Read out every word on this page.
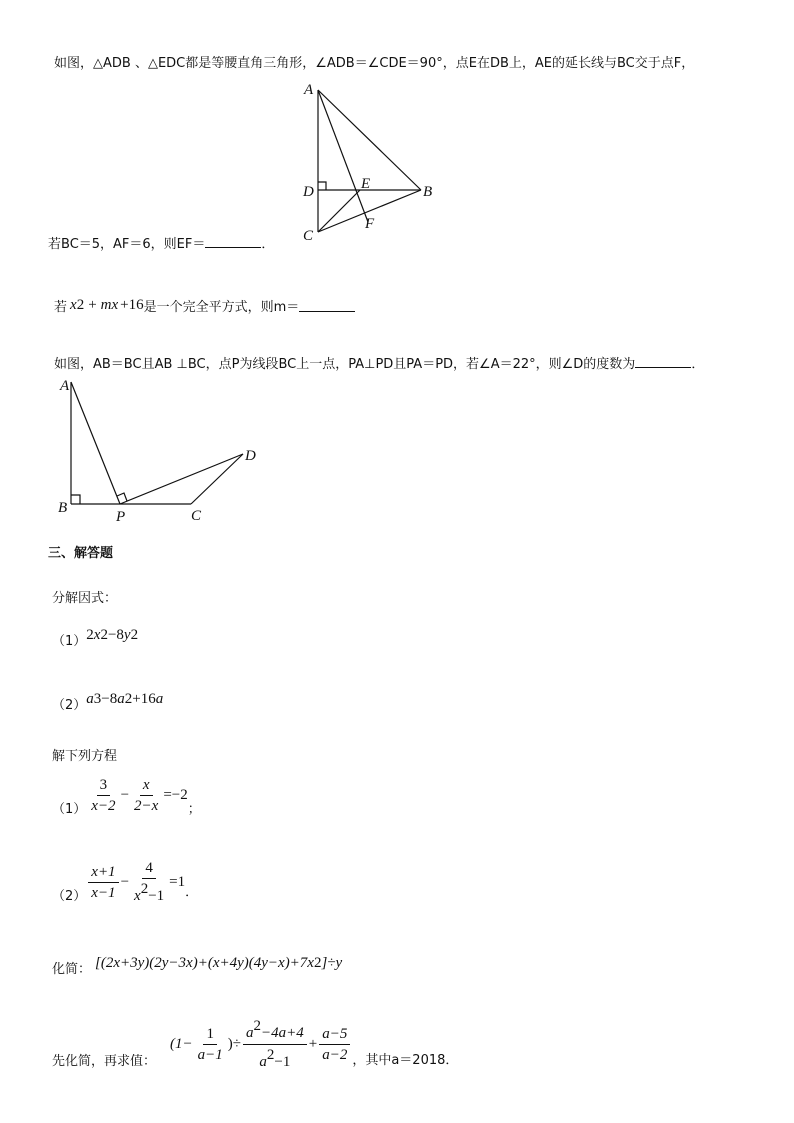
如图，△ADB 、△EDC都是等腰直角三角形，∠ADB＝∠CDE＝90°，点E在DB上，AE的延长线与BC交于点F，
A
D	E	B
C
F
若BC＝5，AF＝6，则EF＝	．
若 x 2 + m x +16 是一个完全平方式，则m＝
如图，AB＝BC且AB ⊥BC，点P为线段BC上一点，PA⊥PD且PA＝PD，若∠A＝22°，则∠D的度数为	．
A
B
P	C
D
三、解答题
分解因式：
（1） 2 x 2 −8 y 2
（2） a 3 −8 a 2 +16 a
解下列方程
$(1) \frac{3}{x-2} - \frac{x}{2-x} =-2$
；
$(2) \frac{x+1}{x-1} - \frac{4}{x^2-1} =1$
．
化简： [(2x+3y)(2y−3x)+(x+4y)(4y−x)+7x 2 ]÷y
先化简，再求值：
($1- \frac{1}{a-1}$ )÷ $\frac{a^2-4a+4}{a^2-1} + \frac{a-5}{a-2}$ ，其中a＝2018．
